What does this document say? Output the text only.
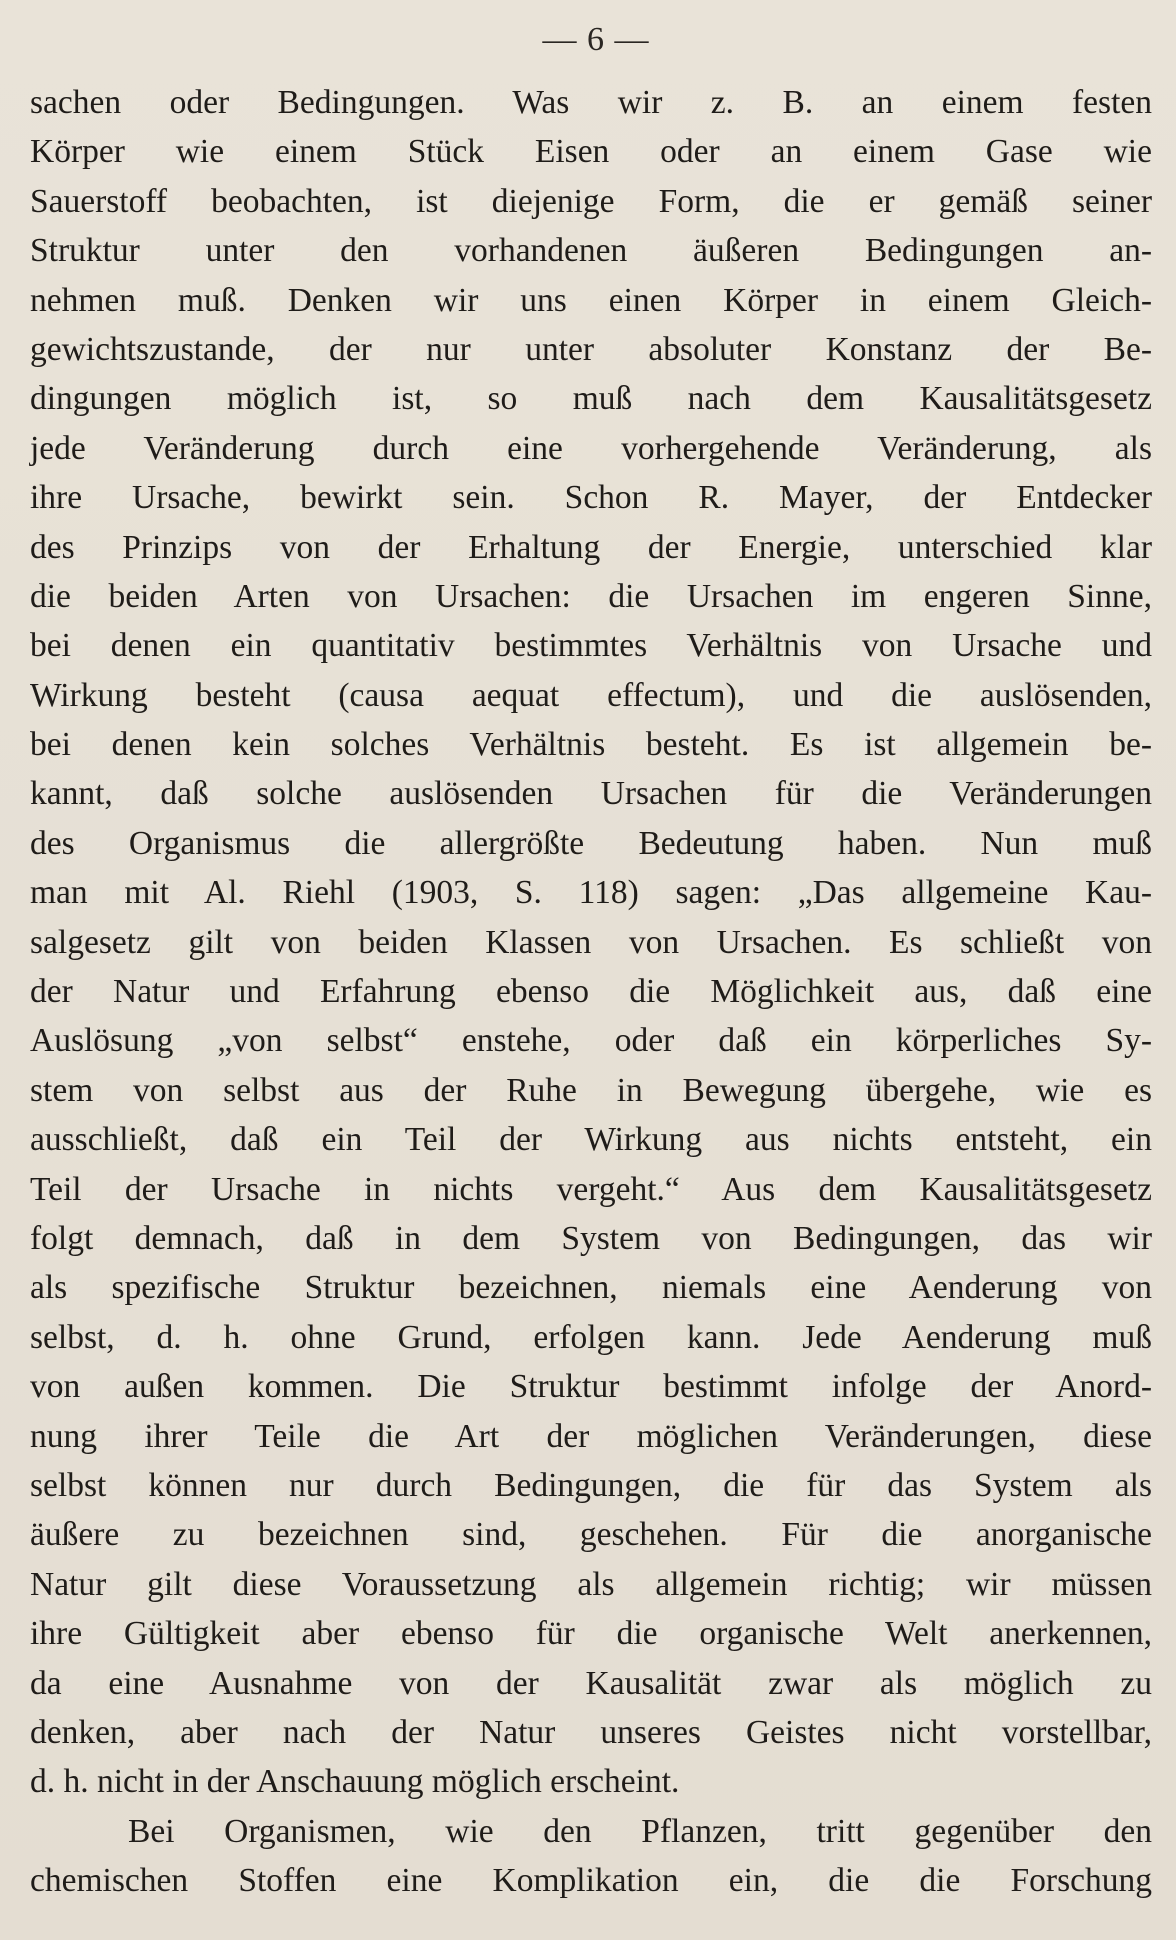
— 6 —
sachen oder Bedingungen. Was wir z. B. an einem festen
Körper wie einem Stück Eisen oder an einem Gase wie
Sauerstoff beobachten, ist diejenige Form, die er gemäß seiner
Struktur unter den vorhandenen äußeren Bedingungen an-
nehmen muß. Denken wir uns einen Körper in einem Gleich-
gewichtszustande, der nur unter absoluter Konstanz der Be-
dingungen möglich ist, so muß nach dem Kausalitätsgesetz
jede Veränderung durch eine vorhergehende Veränderung, als
ihre Ursache, bewirkt sein. Schon R. Mayer, der Entdecker
des Prinzips von der Erhaltung der Energie, unterschied klar
die beiden Arten von Ursachen: die Ursachen im engeren Sinne,
bei denen ein quantitativ bestimmtes Verhältnis von Ursache und
Wirkung besteht (causa aequat effectum), und die auslösenden,
bei denen kein solches Verhältnis besteht. Es ist allgemein be-
kannt, daß solche auslösenden Ursachen für die Veränderungen
des Organismus die allergrößte Bedeutung haben. Nun muß
man mit Al. Riehl (1903, S. 118) sagen: „Das allgemeine Kau-
salgesetz gilt von beiden Klassen von Ursachen. Es schließt von
der Natur und Erfahrung ebenso die Möglichkeit aus, daß eine
Auslösung „von selbst“ enstehe, oder daß ein körperliches Sy-
stem von selbst aus der Ruhe in Bewegung übergehe, wie es
ausschließt, daß ein Teil der Wirkung aus nichts entsteht, ein
Teil der Ursache in nichts vergeht.“ Aus dem Kausalitätsgesetz
folgt demnach, daß in dem System von Bedingungen, das wir
als spezifische Struktur bezeichnen, niemals eine Aenderung von
selbst, d. h. ohne Grund, erfolgen kann. Jede Aenderung muß
von außen kommen. Die Struktur bestimmt infolge der Anord-
nung ihrer Teile die Art der möglichen Veränderungen, diese
selbst können nur durch Bedingungen, die für das System als
äußere zu bezeichnen sind, geschehen. Für die anorganische
Natur gilt diese Voraussetzung als allgemein richtig; wir müssen
ihre Gültigkeit aber ebenso für die organische Welt anerkennen,
da eine Ausnahme von der Kausalität zwar als möglich zu
denken, aber nach der Natur unseres Geistes nicht vorstellbar,
d. h. nicht in der Anschauung möglich erscheint.
Bei Organismen, wie den Pflanzen, tritt gegenüber den
chemischen Stoffen eine Komplikation ein, die die Forschung
